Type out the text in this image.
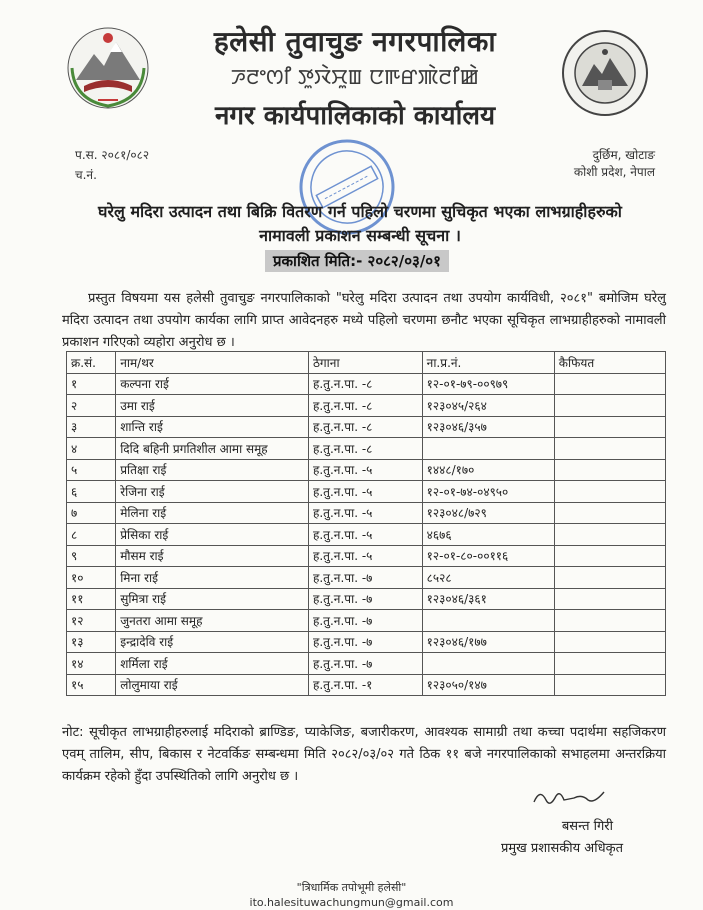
हलेसी तुवाचुङ नगरपालिका
ꯍꯂꯦꯁꯤ ꯇꯨꯋꯥꯆꯨꯡ ꯅꯒꯔꯄꯥꯂꯤꯀꯥ
नगर कार्यपालिकाको कार्यालय
प.स. २०८१/०८२
च.नं.
दुर्छिम, खोटाङ
कोशी प्रदेश, नेपाल
घरेलु मदिरा उत्पादन तथा बिक्रि वितरण गर्न पहिलो चरणमा सुचिकृत भएका लाभग्राहीहरुको
नामावली प्रकाशन सम्बन्धी सूचना ।
प्रकाशित मिति:- २०८२/०३/०१
प्रस्तुत विषयमा यस हलेसी तुवाचुङ नगरपालिकाको "घरेलु मदिरा उत्पादन तथा उपयोग कार्यविधी, २०८१" बमोजिम घरेलु मदिरा उत्पादन तथा उपयोग कार्यका लागि प्राप्त आवेदनहरु मध्ये पहिलो चरणमा छनौट भएका सूचिकृत लाभग्राहीहरुको नामावली प्रकाशन गरिएको व्यहोरा अनुरोध छ ।
क्र.सं.	नाम/थर	ठेगाना	ना.प्र.नं.	कैफियत
१	कल्पना राई	ह.तु.न.पा. -८	१२-०१-७९-००९७९	
२	उमा राई	ह.तु.न.पा. -८	१२३०४५/२६४	
३	शान्ति राई	ह.तु.न.पा. -८	१२३०४६/३५७	
४	दिदि बहिनी प्रगतिशील आमा समूह	ह.तु.न.पा. -८		
५	प्रतिक्षा राई	ह.तु.न.पा. -५	१४४८/१७०	
६	रेजिना राई	ह.तु.न.पा. -५	१२-०१-७४-०४९५०	
७	मेलिना राई	ह.तु.न.पा. -५	१२३०४८/७२९	
८	प्रेसिका राई	ह.तु.न.पा. -५	४६७६	
९	मौसम राई	ह.तु.न.पा. -५	१२-०१-८०-००११६	
१०	मिना राई	ह.तु.न.पा. -७	८५२८	
११	सुमित्रा राई	ह.तु.न.पा. -७	१२३०४६/३६१	
१२	जुनतरा आमा समूह	ह.तु.न.पा. -७		
१३	इन्द्रादेवि राई	ह.तु.न.पा. -७	१२३०४६/१७७	
१४	शर्मिला राई	ह.तु.न.पा. -७		
१५	लोलुमाया राई	ह.तु.न.पा. -१	१२३०५०/१४७	
नोट: सूचीकृत लाभग्राहीहरुलाई मदिराको ब्राण्डिङ, प्याकेजिङ, बजारीकरण, आवश्यक सामाग्री तथा कच्चा पदार्थमा सहजिकरण एवम् तालिम, सीप, बिकास र नेटवर्किङ सम्बन्धमा मिति २०८२/०३/०२ गते ठिक ११ बजे नगरपालिकाको सभाहलमा अन्तरक्रिया कार्यक्रम रहेको हुँदा उपस्थितिको लागि अनुरोध छ ।
बसन्त गिरी
प्रमुख प्रशासकीय अधिकृत
"त्रिधार्मिक तपोभूमी हलेसी"
ito.halesituwachungmun@gmail.com
